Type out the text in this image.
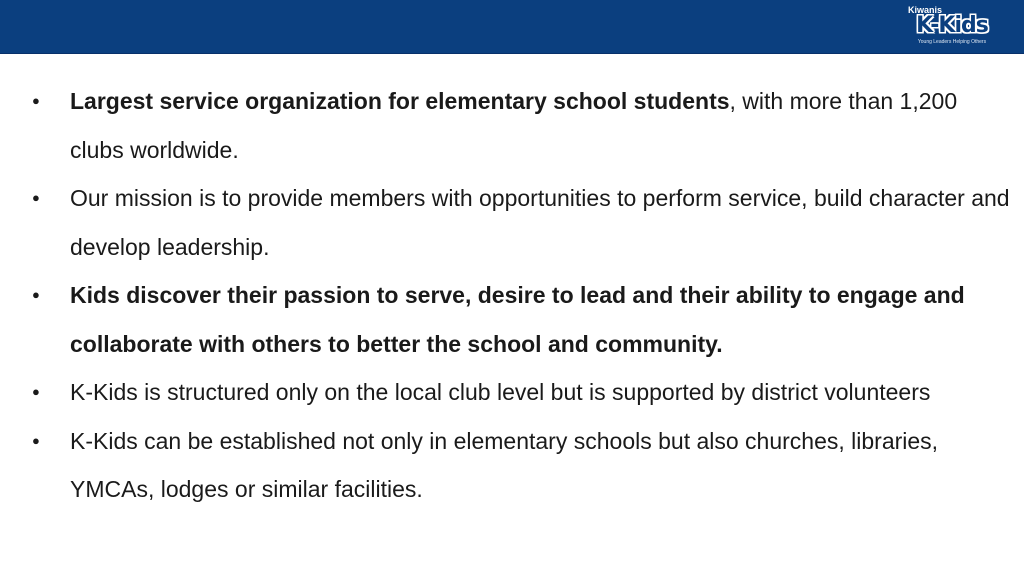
Kiwanis
K-Kids
Young Leaders Helping Others
● Largest service organization for elementary school students, with more than 1,200 clubs worldwide.
● Our mission is to provide members with opportunities to perform service, build character and develop leadership.
● Kids discover their passion to serve, desire to lead and their ability to engage and collaborate with others to better the school and community.
● K-Kids is structured only on the local club level but is supported by district volunteers
● K-Kids can be established not only in elementary schools but also churches, libraries, YMCAs, lodges or similar facilities.
